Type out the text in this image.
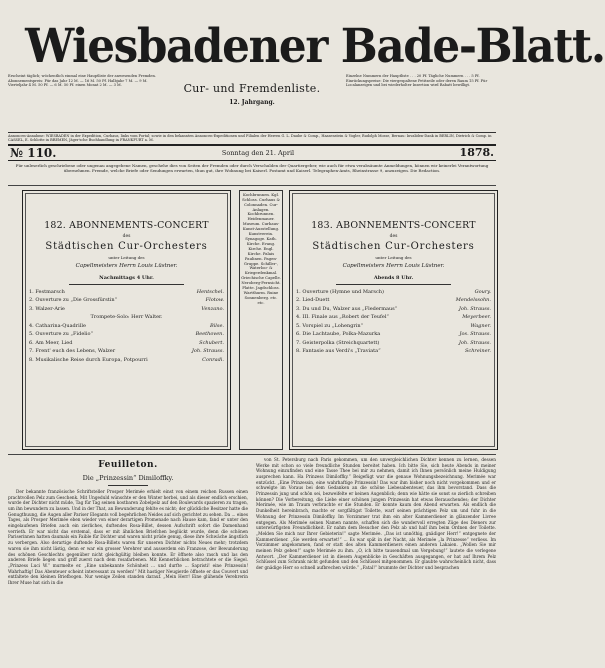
Wiesbadener Bade-Blatt.
Erscheint täglich; wöchentlich einmal eine Hauptliste der anwesenden Fremden. Abonnementspreis: Für das Jahr 12 M. — 16 M. 50 Pf. Halbjahr 7 M. — 9 M. Vierteljahr 4 M. 50 Pf. — 6 M. 50 Pf. einen Monat 2 M. — 3 M.	Cur- und Fremdenliste.
12. Jahrgang.
Einzelne Nummern der Hauptliste . . . 20 Pf. Tägliche Nummern . . . 5 Pf. Einrückungspreise: Die viergespaltene Petitzeile oder deren Raum 15 Pf. Für Localanzeigen und bei wiederholter Insertion wird Rabatt bewilligt.
Annoncen-Annahme: WIESBADEN in der Expedition, Curhaus, links vom Portal; sowie in den bekannten Annoncen-Expeditionen und Filialen der Herren G. L. Daube & Comp., Haasenstein & Vogler, Rudolph Mosse, Bernau: Invaliden-Dank in BERLIN, Dietrich & Comp. in CASSEL, E. Schlotte in BREMEN, Jäger'sche Buchhandlung in FRANKFURT a. M.
№ 110.	Sonntag den 21. April	1878.
Für unleserlich geschriebene oder ungenau angegebene Namen, geschehe dies von Seiten der Fremden oder durch Verschulden der Quartiergeber, wie auch für etwa verabsäumte Anmeldungen, können wir keinerlei Verantwortung übernehmen. Fremde, welche Briefe oder Sendungen erwarten, thun gut, ihre Wohnung bei Kaiserl. Postamt und Kaiserl. Telegraphen-Amts, Rheinstrasse 9, anzuzeigen. Die Redaction.
182. ABONNEMENTS-CONCERT
des
Städtischen Cur-Orchesters
unter Leitung des
Capellmeisters Herrn Louis Lüstner.
Nachmittags 4 Uhr.
1. Festmarsch	Hentschel.
2. Ouverture zu „Die Grossfürstin“	Flotow.
3. Walzer-Arie	Venzano.
Trompete-Solo: Herr Walter.
4. Catharina-Quadrille	Bilse.
5. Ouverture zu „Fidelio“	Beethoven.
6. Am Meer, Lied	Schubert.
7. Frent' euch des Lebens, Walzer	Joh. Strauss.
8. Musikalische Reise durch Europa, Potpourri	Conradi.
Kochbrunnen. Kgl. Schloss. Curhaus & Colonnaden. Cur-Anlagen. Kochbrunnen. Heidenmauer. Museum. Curhaus-Kunst-Ausstellung. Kunstverein. Synagoge. Kath. Kirche. Evang. Kirche. Engl. Kirche. Palais Paulinen. Pagen-Gruppe. Schiller-, Waterloo- & Kriegerdenkmal. Griechische Capelle. Neroberg-Fernsicht. Platte. Jagdschloss. Wartthurm. Ruine Sonnenberg. etc. etc.
183. ABONNEMENTS-CONCERT
des
Städtischen Cur-Orchesters
unter Leitung des
Capellmeisters Herrn Louis Lüstner.
Abends 8 Uhr.
1. Ouverture (Hymne und Marsch)	Goury.
2. Lied-Duett	Mendelssohn.
3. Du und Du, Walzer aus „Fledermaus“	Joh. Strauss.
4. III. Finale aus „Robert der Teufel“	Meyerbeer.
5. Vorspiel zu „Lohengrin“	Wagner.
6. Die Lachtaube, Polka-Mazurka	Jos. Strauss.
7. Geisterpolka (Streichquartett)	Joh. Strauss.
8. Fantasie aus Verdi's „Traviata“	Schreiner.
Feuilleton.
Die „Prinzessin“ Dimiloffky.

Der bekannte französische Schriftsteller Prosper Merimée erhielt einst von einem reichen Russen einen prachtvollen Pelz zum Geschenk. Mit Ungeduld wünschte er den Winter herbei, und als dieser endlich erschien, wurde der Dichter nicht müde, Tag für Tag seinen kostbaren Zobelpelz auf den Boulevards spazieren zu tragen, um ihn bewundern zu lassen. Und in der That, an Bewunderung fehlte es nicht; der glückliche Besitzer hatte die Genugthuung, die Augen aller Pariser Elegants voll begehrlichen Neides auf sich gerichtet zu sehen. Da ... eines Tages, als Prosper Merimée eben wieder von einer derartigen Promenade nach Hause kam, fand er unter den eingelaufenen Briefen auch ein zierliches, duftendes Rosa-Billet, dessen Aufschrift sofort die Damenhand verrieth. Er war nicht das erstemal, dass er mit ähnlichen Briefchen beglückt wurde, denn die schönen Pariserinnen hatten daumals ein Faible für Dichter und waren nicht prüde genug, diese ihre Schwäche ängstlich zu verbergen. Also derartige duftende Rosa-Billets waren für unseren Dichter nichts Neues mehr; trotzdem waren sie ihm nicht lästig, denn er war ein grosser Verehrer und ausserdem ein Franzose, der Bewunderung des schönen Geschlechts gegenüber nicht gleichgültig bleiben konnte. Er öffnete also rasch und las den anderen Briefe liegen und griff zuerst nach dem rosafarbenen. Mit Kennerblicken betrachtete er die Siegel. „Prinzess Luci W.“ murmelte er. „Eine unbekannte Schönheit ... und durfte ... Sapristi! eine Prinzessin! Wahrhaftig! Das Abenteuer scheint interessant zu werden!“ Mit hastiger Neugierde öffnete er das Couvert und entfaltete den kleinen Briefbogen. Nur wenige Zeilen standen darauf. „Mein Herr! Eine glühende Verehrerin Ihrer Muse hat sich in die

von St. Petersburg nach Paris gekommen, um den unvergleichlichen Dichter kennen zu lernen, dessen Werke mit schon so viele freundliche Stunden bereitet haben. Ich bitte Sie, sich heute Abends in meiner Wohnung einzufinden und eine Tasse Thee bei mir zu nehmen, damit ich Ihnen persönlich meine Huldigung ausprechen kann. Ha Prinzess Dimiloffky.“ Beigefügt war die genaue Wohnungsbezeichnung. Merimée war entzückt. „Eine Prinzessin, eine wahrhaftige Prinzessin! Das war ihm bisher noch nicht vorgekommen und er schwelgte im Voraus bei dem Gedanken an die schöne Liebesabenteuer, das ihm bevorstand. Dass die Prinzessin jung und schön sei, bezweifelte er keinen Augenblick; denn wie hätte sie sonst so zierlich schreiben können? Die Vorbereitung, die Liebe einer schönen jungen Prinzessin hat etwas Berauschendes; der Dichter Merimée, wie im Traum verbrachte er die Stunden. Er konnte kaum den Abend erwarten. Als endlich die Dunkelheit hereinbrach, machte er sorgfältigst Toilette, warf seinen prächtigen Pelz um und fuhr in die Wohnung der Prinzessin Dimiloffky. Im Vorzimmer trat ihm ein alter Kammerdiener in glänzender Livree entgegen. Als Merimée seinen Namen nannte, schaffen sich die wundervoll erregten Züge des Dieners zur unterwürfigsten Freundlichkeit. Er nahm dem Besucher den Pelz ab und half ihm beim Ordnen der Toilette. „Melden Sie mich nur Ihrer Gebieterin!“ sagte Merimée. „Das ist unnöthig, gnädiger Herr!“ entgegnete der Kammerdiener. „Sie werden erwartet!“ ... Es war spät in der Nacht, als Merimée „la Prinzesse“ verliess. Im Vorzimmer angekommen, fand er statt des alten Kammerdieners einen anderen Lakaien. „Wollen Sie mir meinen Pelz geben!“ sagte Merimée zu ihm. „O, ich bitte tausendmal um Vergebung!“ lautete die verlegene Antwort. „Der Kammerdiener ist in diesem Augenblicke in Geschäften ausgegangen, er hat auf Ihrem Pelz Schlüssel zum Schrank nicht gefunden und den Schlüssel mitgenommen. Er glaubte wahrscheinlich nicht, dass der gnädige Herr so schnell aufbrechen würde.“ „Fatal!“ brummte der Dichter und besprachen
